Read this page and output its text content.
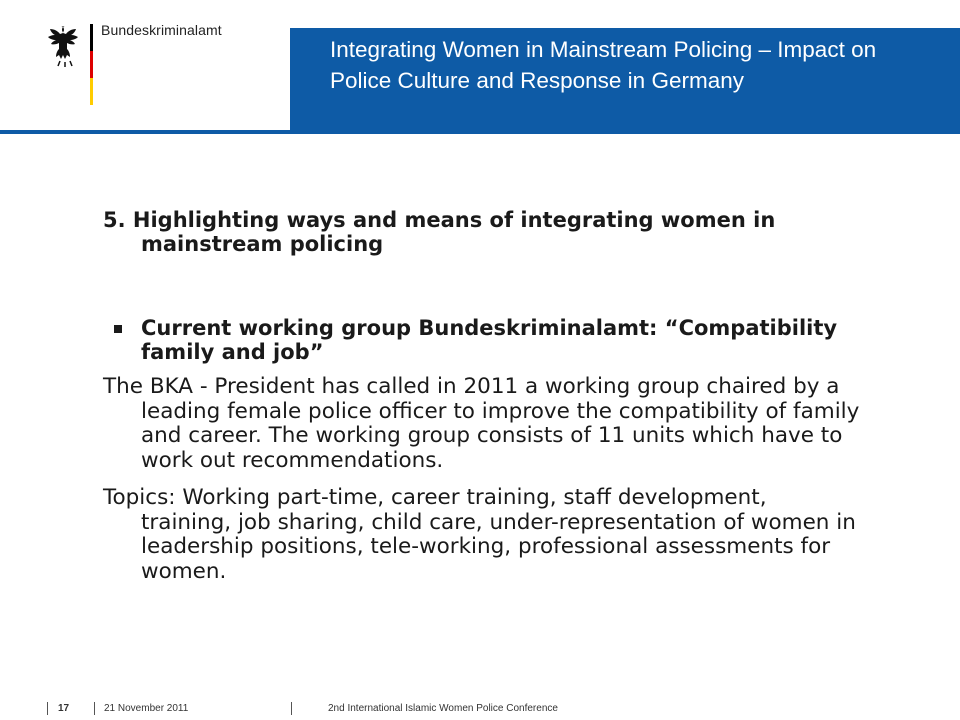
Bundeskriminalamt
Integrating Women in Mainstream Policing – Impact on Police Culture and Response in Germany
5. Highlighting ways and means of integrating women in mainstream policing
Current working group Bundeskriminalamt: “Compatibility family and job”
The BKA - President has called in 2011 a working group chaired by a leading female police officer to improve the compatibility of family and career. The working group consists of 11 units which have to work out recommendations.
Topics: Working part-time, career training, staff development, training, job sharing, child care, under-representation of women in leadership positions, tele-working, professional assessments for women.
17	21 November 2011	2nd International Islamic Women Police Conference
